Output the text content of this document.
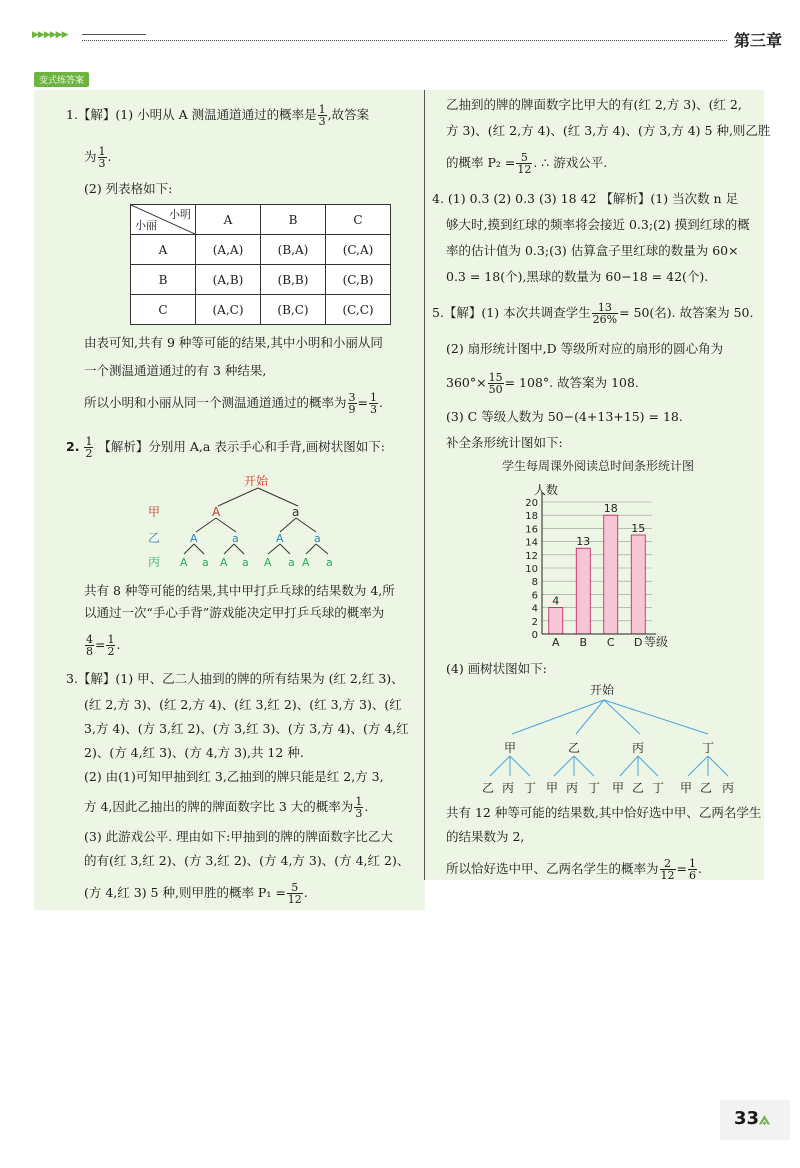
▶▶▶▶▶▶	第三章
变式练答案
1.【解】(1) 小明从 A 测温通道通过的概率是 $\frac{1}{3}$ ,故答案
为 $\frac{1}{3}$ .
(2) 列表格如下:
小明
小丽	A	B	C
A	(A,A)	(B,A)	(C,A)
B	(A,B)	(B,B)	(C,B)
C	(A,C)	(B,C)	(C,C)
由表可知,共有 9 种等可能的结果,其中小明和小丽从同
一个测温通道通过的有 3 种结果,
所以小明和小丽从同一个测温通道通过的概率为 $\frac{3}{9} = \frac{1}{3}$ .
2. $\frac{1}{2}$ 【解析】分别用 A,a 表示手心和手背,画树状图如下:
开始
甲
乙
丙
A	a
A	a	A	a
A a A a A a A a
共有 8 种等可能的结果,其中甲打乒乓球的结果数为 4,所
以通过一次“手心手背”游戏能决定甲打乒乓球的概率为
$\frac{4}{8} = \frac{1}{2}$ .
3.【解】(1) 甲、乙二人抽到的牌的所有结果为 (红 2,红 3)、
(红 2,方 3)、(红 2,方 4)、(红 3,红 2)、(红 3,方 3)、(红
3,方 4)、(方 3,红 2)、(方 3,红 3)、(方 3,方 4)、(方 4,红
2)、(方 4,红 3)、(方 4,方 3),共 12 种.
(2) 由(1)可知甲抽到红 3,乙抽到的牌只能是红 2,方 3,
方 4,因此乙抽出的牌的牌面数字比 3 大的概率为 $\frac{1}{3}$ .
(3) 此游戏公平. 理由如下:甲抽到的牌的牌面数字比乙大
的有(红 3,红 2)、(方 3,红 2)、(方 4,方 3)、(方 4,红 2)、
(方 4,红 3) 5 种,则甲胜的概率 $P_1 = \frac{5}{12}$ .
乙抽到的牌的牌面数字比甲大的有(红 2,方 3)、(红 2,
方 3)、(红 2,方 4)、(红 3,方 4)、(方 3,方 4) 5 种,则乙胜
的概率 $P_2 = \frac{5}{12}$ . ∴ 游戏公平.
4. (1) 0.3 (2) 0.3 (3) 18 42 【解析】(1) 当次数 n 足
够大时,摸到红球的频率将会接近 0.3;(2) 摸到红球的概
率的估计值为 0.3;(3) 估算盒子里红球的数量为 60×
0.3 = 18(个),黑球的数量为 60−18 = 42(个).
5.【解】(1) 本次共调查学生 $\frac{13}{26\%} = 50$(名). 故答案为 50.
(2) 扇形统计图中,D 等级所对应的扇形的圆心角为
$360^\circ\times \frac{15}{50} = 108^\circ$. 故答案为 108.
(3) C 等级人数为 50−(4+13+15) = 18.
补全条形统计图如下:
学生每周课外阅读总时间条形统计图
人数
等级
4
13
18
15
0
2
4
6
8
10
12
14
16
18
20
A B C D
(4) 画树状图如下:
开始
甲	乙	丙	丁
乙 丙 丁 甲 丙 丁 甲 乙 丁 甲 乙 丙
共有 12 种等可能的结果数,其中恰好选中甲、乙两名学生
的结果数为 2,
所以恰好选中甲、乙两名学生的概率为 $\frac{2}{12} = \frac{1}{6}$ .
33⟑
